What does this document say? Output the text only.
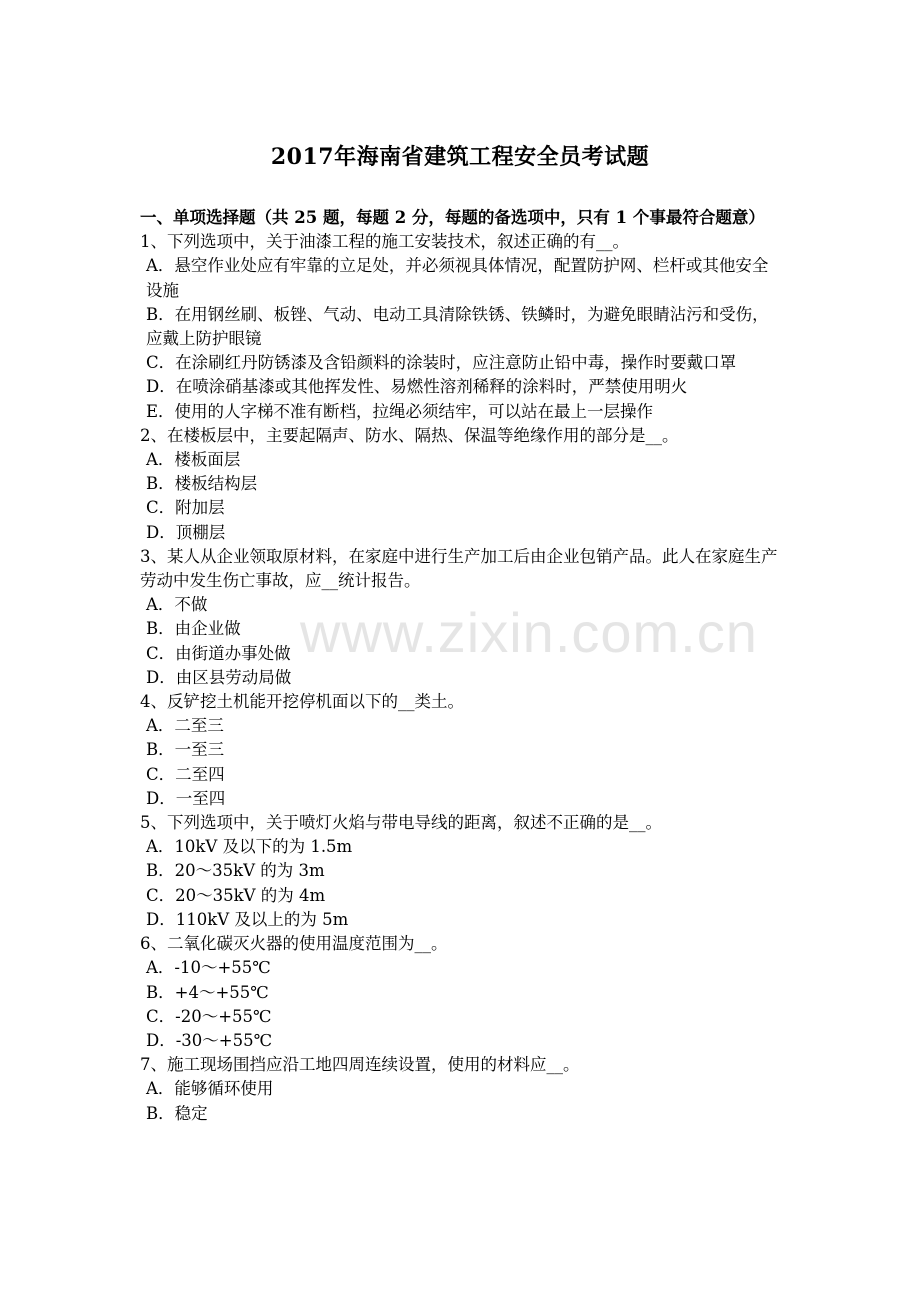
www.zixin.com.cn
2017年海南省建筑工程安全员考试题
一、单项选择题（共 25 题，每题 2 分，每题的备选项中，只有 1 个事最符合题意）

1、下列选项中，关于油漆工程的施工安装技术，叙述正确的有__。

A．悬空作业处应有牢靠的立足处，并必须视具体情况，配置防护网、栏杆或其他安全设施

B．在用钢丝刷、板锉、气动、电动工具清除铁锈、铁鳞时，为避免眼睛沾污和受伤，应戴上防护眼镜

C．在涂刷红丹防锈漆及含铅颜料的涂装时，应注意防止铅中毒，操作时要戴口罩

D．在喷涂硝基漆或其他挥发性、易燃性溶剂稀释的涂料时，严禁使用明火

E．使用的人字梯不准有断档，拉绳必须结牢，可以站在最上一层操作

2、在楼板层中，主要起隔声、防水、隔热、保温等绝缘作用的部分是__。

A．楼板面层

B．楼板结构层

C．附加层

D．顶棚层

3、某人从企业领取原材料，在家庭中进行生产加工后由企业包销产品。此人在家庭生产劳动中发生伤亡事故，应__统计报告。

A．不做

B．由企业做

C．由街道办事处做

D．由区县劳动局做

4、反铲挖土机能开挖停机面以下的__类土。

A．二至三

B．一至三

C．二至四

D．一至四

5、下列选项中，关于喷灯火焰与带电导线的距离，叙述不正确的是__。

A．10kV 及以下的为 1.5m

B．20～35kV 的为 3m

C．20～35kV 的为 4m

D．110kV 及以上的为 5m

6、二氧化碳灭火器的使用温度范围为__。

A．-10～+55℃

B．+4～+55℃

C．-20～+55℃

D．-30～+55℃

7、施工现场围挡应沿工地四周连续设置，使用的材料应__。

A．能够循环使用

B．稳定
